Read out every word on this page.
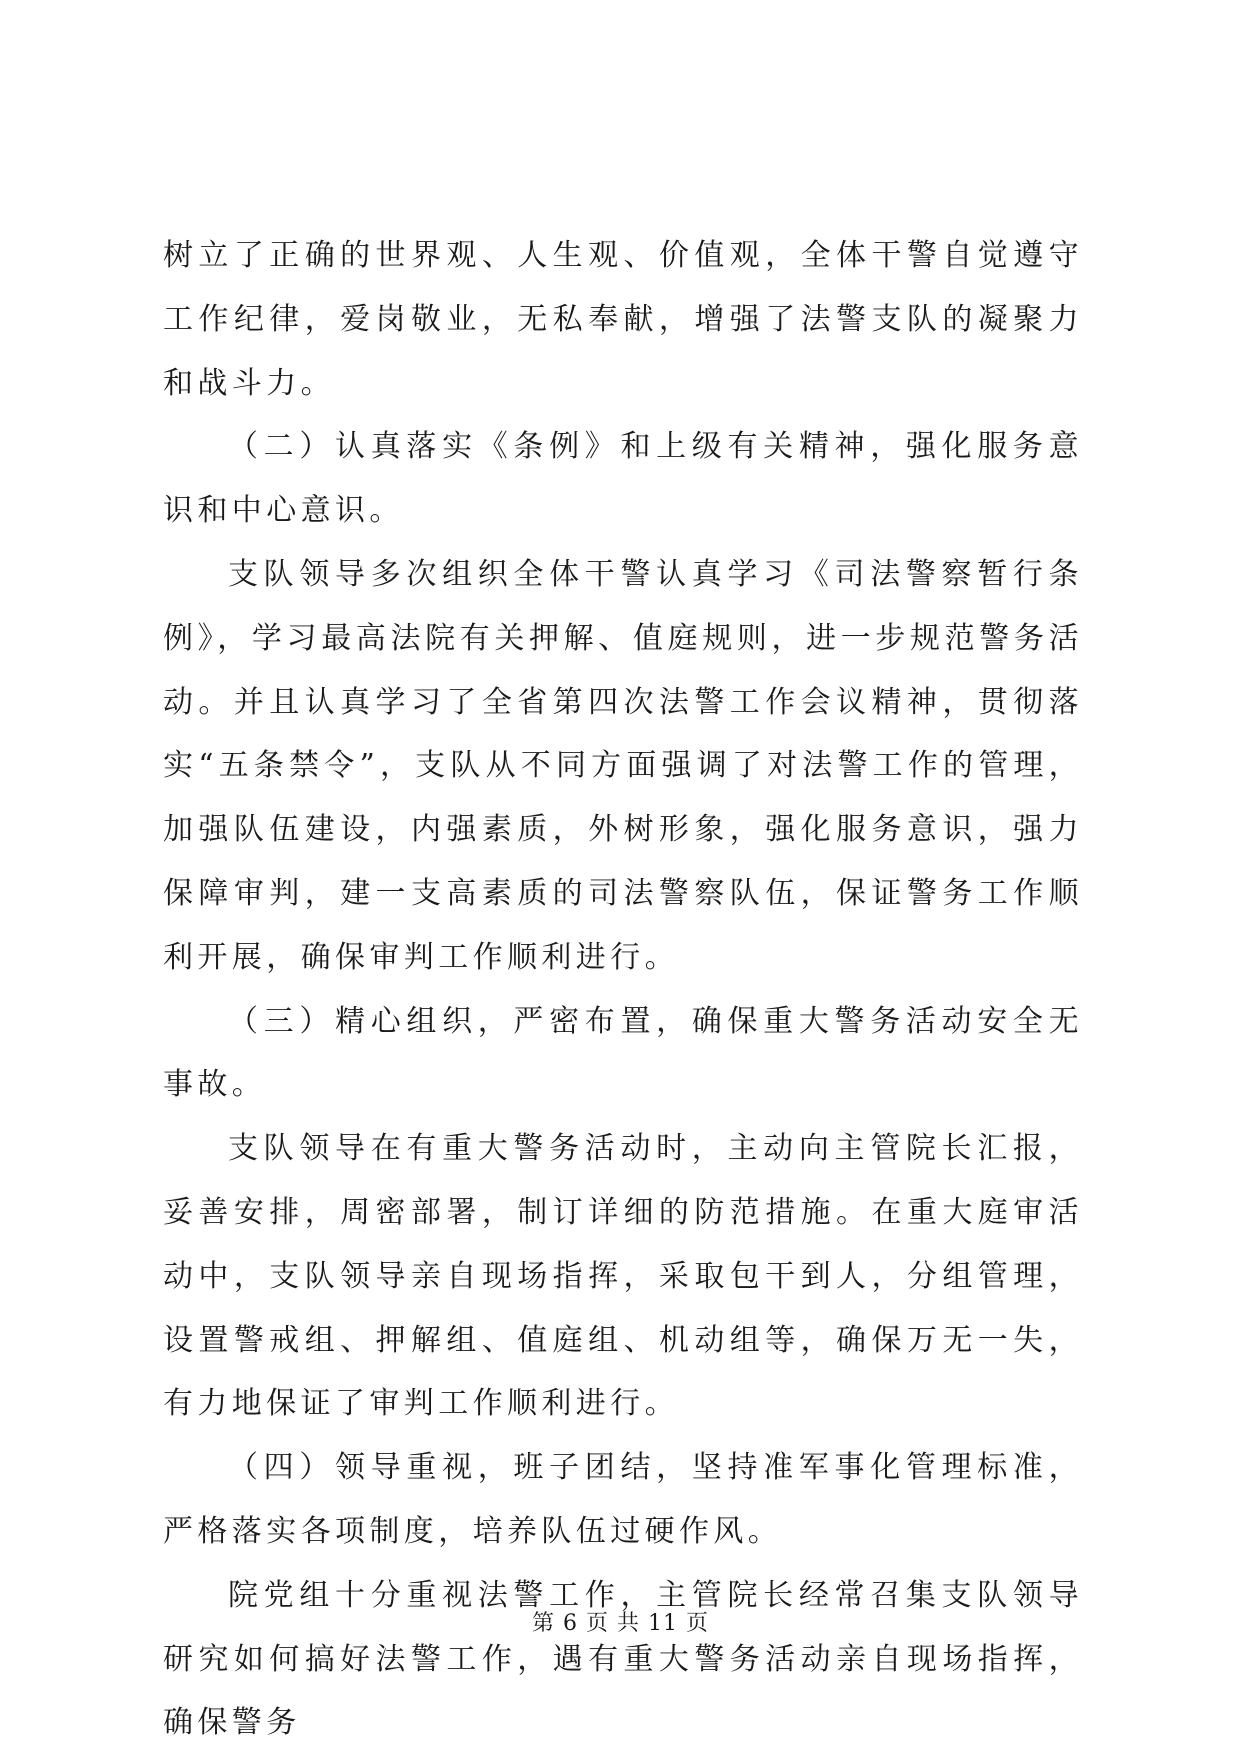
树立了正确的世界观、人生观、价值观，全体干警自觉遵守工作纪律，爱岗敬业，无私奉献，增强了法警支队的凝聚力和战斗力。

（二）认真落实《条例》和上级有关精神，强化服务意识和中心意识。

支队领导多次组织全体干警认真学习《司法警察暂行条例》，学习最高法院有关押解、值庭规则，进一步规范警务活动。并且认真学习了全省第四次法警工作会议精神，贯彻落实“五条禁令”，支队从不同方面强调了对法警工作的管理，加强队伍建设，内强素质，外树形象，强化服务意识，强力保障审判，建一支高素质的司法警察队伍，保证警务工作顺利开展，确保审判工作顺利进行。

（三）精心组织，严密布置，确保重大警务活动安全无事故。

支队领导在有重大警务活动时，主动向主管院长汇报，妥善安排，周密部署，制订详细的防范措施。在重大庭审活动中，支队领导亲自现场指挥，采取包干到人，分组管理，设置警戒组、押解组、值庭组、机动组等，确保万无一失，有力地保证了审判工作顺利进行。

（四）领导重视，班子团结，坚持准军事化管理标准，严格落实各项制度，培养队伍过硬作风。

院党组十分重视法警工作，主管院长经常召集支队领导研究如何搞好法警工作，遇有重大警务活动亲自现场指挥，确保警务

第 6 页 共 11 页
